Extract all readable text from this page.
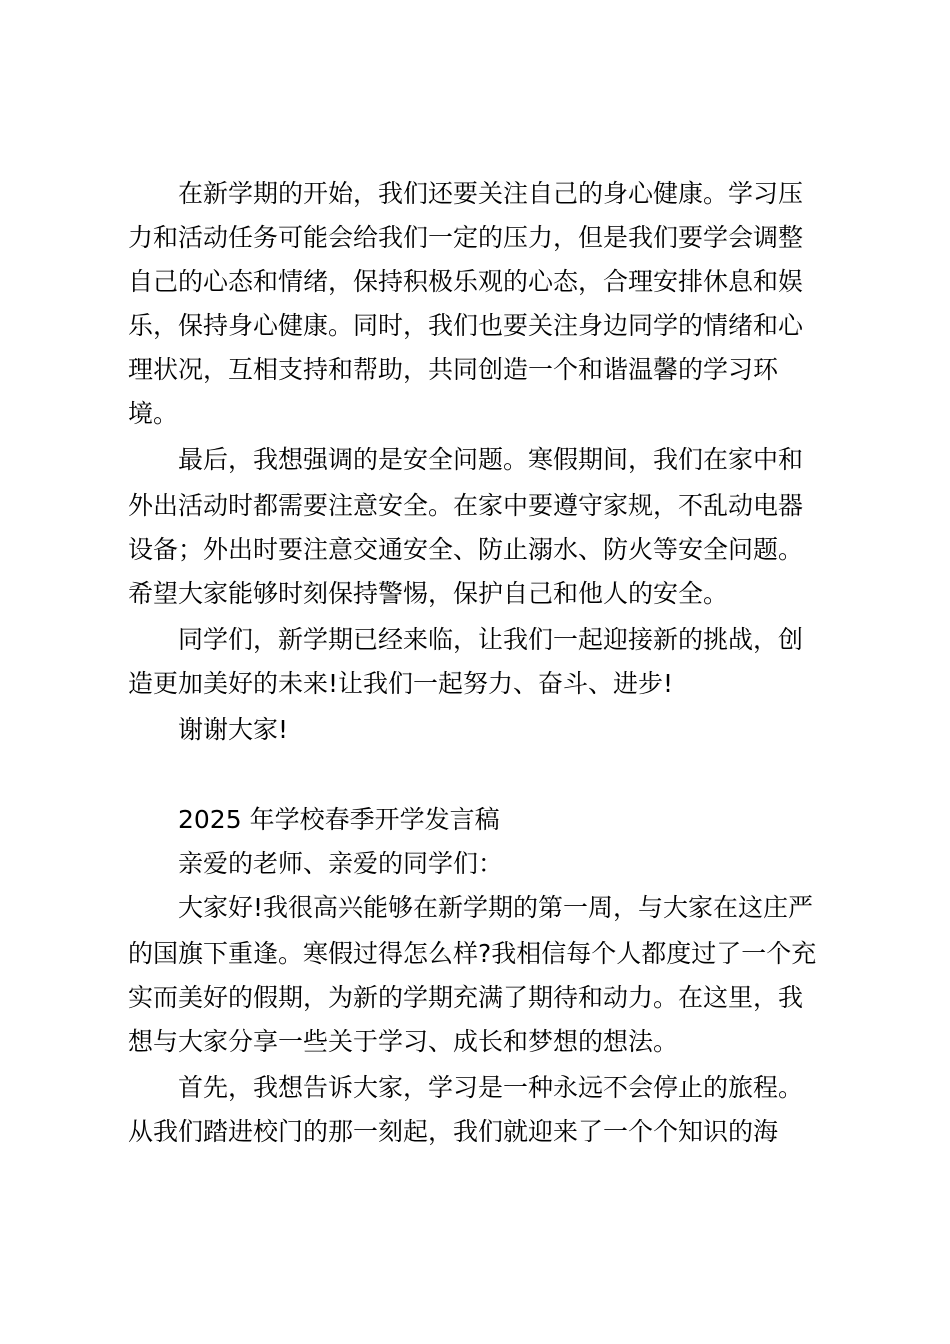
在新学期的开始，我们还要关注自己的身心健康。学习压
力和活动任务可能会给我们一定的压力，但是我们要学会调整
自己的心态和情绪，保持积极乐观的心态，合理安排休息和娱
乐，保持身心健康。同时，我们也要关注身边同学的情绪和心
理状况，互相支持和帮助，共同创造一个和谐温馨的学习环
境。
最后，我想强调的是安全问题。寒假期间，我们在家中和
外出活动时都需要注意安全。在家中要遵守家规，不乱动电器
设备；外出时要注意交通安全、防止溺水、防火等安全问题。
希望大家能够时刻保持警惕，保护自己和他人的安全。
同学们，新学期已经来临，让我们一起迎接新的挑战，创
造更加美好的未来!让我们一起努力、奋斗、进步!
谢谢大家!
2025 年学校春季开学发言稿
亲爱的老师、亲爱的同学们：
大家好!我很高兴能够在新学期的第一周，与大家在这庄严
的国旗下重逢。寒假过得怎么样?我相信每个人都度过了一个充
实而美好的假期，为新的学期充满了期待和动力。在这里，我
想与大家分享一些关于学习、成长和梦想的想法。
首先，我想告诉大家，学习是一种永远不会停止的旅程。
从我们踏进校门的那一刻起，我们就迎来了一个个知识的海
